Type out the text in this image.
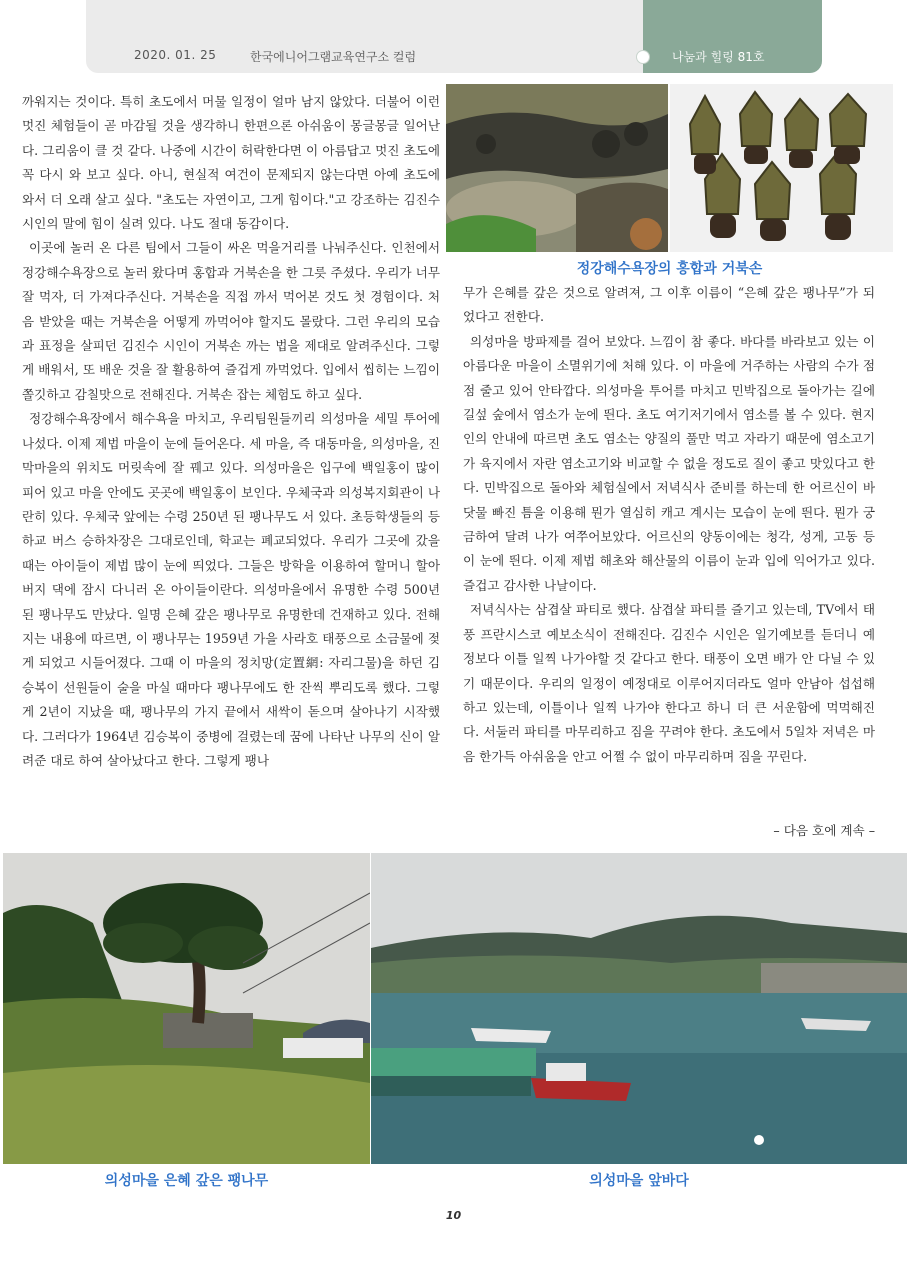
2020. 01. 25	한국에니어그램교육연구소 컬럼	나눔과 힐링 81호
정강해수욕장의 홍합과 거북손

까워지는 것이다. 특히 초도에서 머물 일정이 얼마 남지 않았다. 더불어 이런 멋진 체험들이 곧 마감될 것을 생각하니 한편으론 아쉬움이 몽글몽글 일어난다. 그리움이 클 것 같다. 나중에 시간이 허락한다면 이 아름답고 멋진 초도에 꼭 다시 와 보고 싶다. 아니, 현실적 여건이 문제되지 않는다면 아예 초도에 와서 더 오래 살고 싶다. "초도는 자연이고, 그게 힘이다."고 강조하는 김진수 시인의 말에 힘이 실려 있다. 나도 절대 동감이다.

이곳에 놀러 온 다른 팀에서 그들이 싸온 먹을거리를 나눠주신다. 인천에서 정강해수욕장으로 놀러 왔다며 홍합과 거북손을 한 그릇 주셨다. 우리가 너무 잘 먹자, 더 가져다주신다. 거북손을 직접 까서 먹어본 것도 첫 경험이다. 처음 받았을 때는 거북손을 어떻게 까먹어야 할지도 몰랐다. 그런 우리의 모습과 표정을 살피던 김진수 시인이 거북손 까는 법을 제대로 알려주신다. 그렇게 배워서, 또 배운 것을 잘 활용하여 즐겁게 까먹었다. 입에서 씹히는 느낌이 쫄깃하고 감칠맛으로 전해진다. 거북손 잡는 체험도 하고 싶다.

정강해수욕장에서 해수욕을 마치고, 우리팀원들끼리 의성마을 세밀 투어에 나섰다. 이제 제법 마을이 눈에 들어온다. 세 마을, 즉 대동마을, 의성마을, 진막마을의 위치도 머릿속에 잘 꿰고 있다. 의성마을은 입구에 백일홍이 많이 피어 있고 마을 안에도 곳곳에 백일홍이 보인다. 우체국과 의성복지회관이 나란히 있다. 우체국 앞에는 수령 250년 된 팽나무도 서 있다. 초등학생들의 등하교 버스 승하차장은 그대로인데, 학교는 폐교되었다. 우리가 그곳에 갔을 때는 아이들이 제법 많이 눈에 띄었다. 그들은 방학을 이용하여 할머니 할아버지 댁에 잠시 다니러 온 아이들이란다. 의성마을에서 유명한 수령 500년 된 팽나무도 만났다. 일명 은혜 갚은 팽나무로 유명한데 건재하고 있다. 전해지는 내용에 따르면, 이 팽나무는 1959년 가을 사라호 태풍으로 소금물에 젖게 되었고 시들어졌다. 그때 이 마을의 정치망(定置網: 자리그물)을 하던 김승복이 선원들이 술을 마실 때마다 팽나무에도 한 잔씩 뿌리도록 했다. 그렇게 2년이 지났을 때, 팽나무의 가지 끝에서 새싹이 돋으며 살아나기 시작했다. 그러다가 1964년 김승복이 중병에 걸렸는데 꿈에 나타난 나무의 신이 알려준 대로 하여 살아났다고 한다. 그렇게 팽나

무가 은혜를 갚은 것으로 알려져, 그 이후 이름이 “은혜 갚은 팽나무”가 되었다고 전한다.

의성마을 방파제를 걸어 보았다. 느낌이 참 좋다. 바다를 바라보고 있는 이 아름다운 마을이 소멸위기에 처해 있다. 이 마을에 거주하는 사람의 수가 점점 줄고 있어 안타깝다. 의성마을 투어를 마치고 민박집으로 돌아가는 길에 길섶 숲에서 염소가 눈에 띈다. 초도 여기저기에서 염소를 볼 수 있다. 현지인의 안내에 따르면 초도 염소는 양질의 풀만 먹고 자라기 때문에 염소고기가 육지에서 자란 염소고기와 비교할 수 없을 정도로 질이 좋고 맛있다고 한다. 민박집으로 돌아와 체험실에서 저녁식사 준비를 하는데 한 어르신이 바닷물 빠진 틈을 이용해 뭔가 열심히 캐고 계시는 모습이 눈에 띈다. 뭔가 궁금하여 달려 나가 여쭈어보았다. 어르신의 양동이에는 청각, 성게, 고동 등이 눈에 띈다. 이제 제법 해초와 해산물의 이름이 눈과 입에 익어가고 있다. 즐겁고 감사한 나날이다.

저녁식사는 삼겹살 파티로 했다. 삼겹살 파티를 즐기고 있는데, TV에서 태풍 프란시스코 예보소식이 전해진다. 김진수 시인은 일기예보를 듣더니 예정보다 이틀 일찍 나가야할 것 같다고 한다. 태풍이 오면 배가 안 다닐 수 있기 때문이다. 우리의 일정이 예정대로 이루어지더라도 얼마 안남아 섭섭해 하고 있는데, 이틀이나 일찍 나가야 한다고 하니 더 큰 서운함에 먹먹해진다. 서둘러 파티를 마무리하고 짐을 꾸려야 한다. 초도에서 5일차 저녁은 마음 한가득 아쉬움을 안고 어쩔 수 없이 마무리하며 짐을 꾸린다.

– 다음 호에 계속 –
의성마을 은혜 갚은 팽나무	의성마을 앞바다
10
